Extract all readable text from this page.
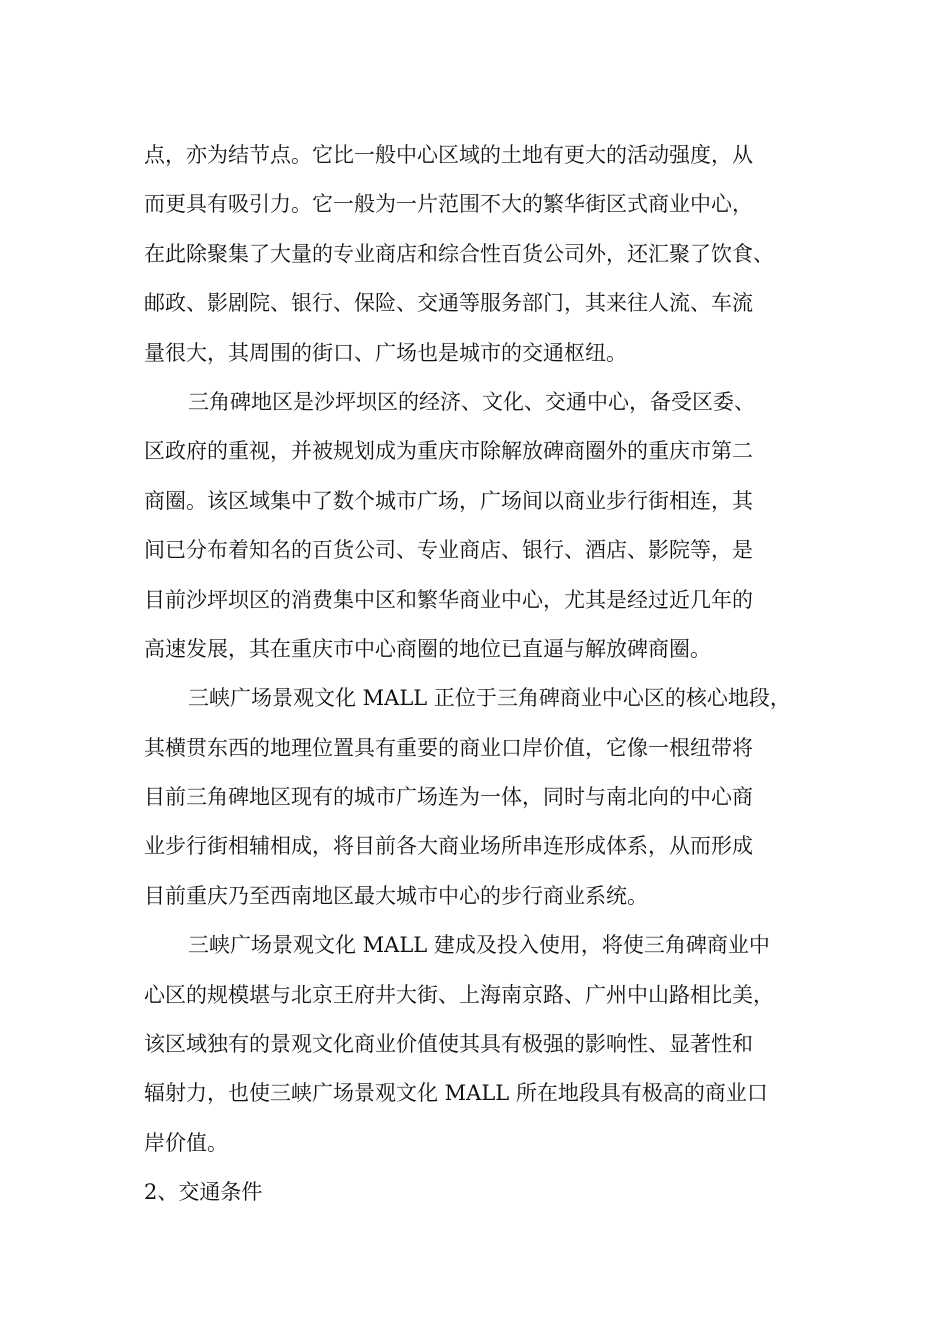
点，亦为结节点。它比一般中心区域的土地有更大的活动强度，从

而更具有吸引力。它一般为一片范围不大的繁华街区式商业中心，

在此除聚集了大量的专业商店和综合性百货公司外，还汇聚了饮食、

邮政、影剧院、银行、保险、交通等服务部门，其来往人流、车流

量很大，其周围的街口、广场也是城市的交通枢纽。

三角碑地区是沙坪坝区的经济、文化、交通中心，备受区委、

区政府的重视，并被规划成为重庆市除解放碑商圈外的重庆市第二

商圈。该区域集中了数个城市广场，广场间以商业步行街相连，其

间已分布着知名的百货公司、专业商店、银行、酒店、影院等，是

目前沙坪坝区的消费集中区和繁华商业中心，尤其是经过近几年的

高速发展，其在重庆市中心商圈的地位已直逼与解放碑商圈。

三峡广场景观文化 MALL 正位于三角碑商业中心区的核心地段，

其横贯东西的地理位置具有重要的商业口岸价值，它像一根纽带将

目前三角碑地区现有的城市广场连为一体，同时与南北向的中心商

业步行街相辅相成，将目前各大商业场所串连形成体系，从而形成

目前重庆乃至西南地区最大城市中心的步行商业系统。

三峡广场景观文化 MALL 建成及投入使用，将使三角碑商业中

心区的规模堪与北京王府井大街、上海南京路、广州中山路相比美，

该区域独有的景观文化商业价值使其具有极强的影响性、显著性和

辐射力，也使三峡广场景观文化 MALL 所在地段具有极高的商业口

岸价值。

2、交通条件
